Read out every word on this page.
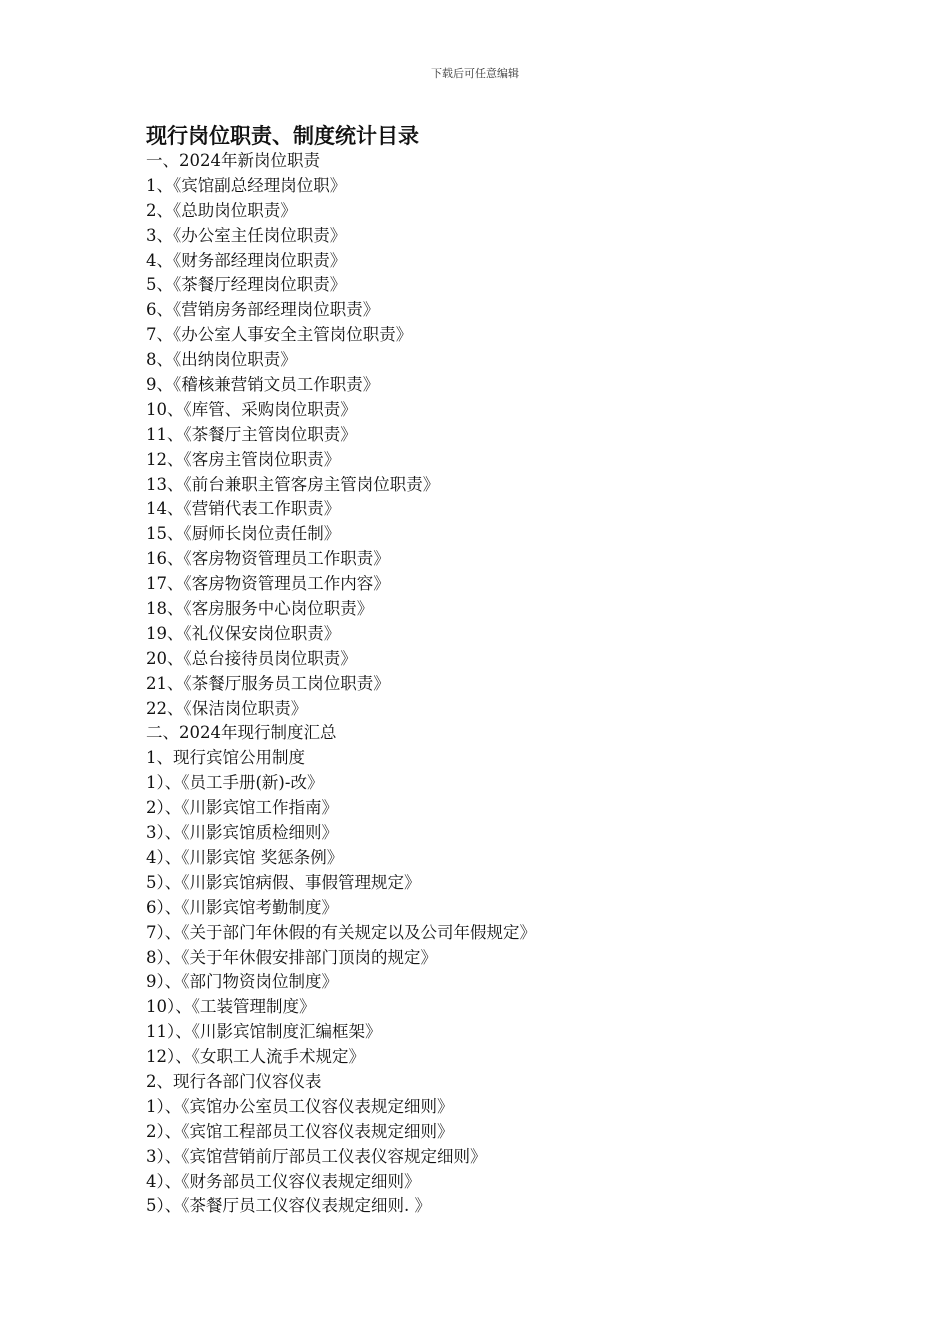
下载后可任意编辑
现行岗位职责、制度统计目录
一、2024年新岗位职责
1、《宾馆副总经理岗位职》
2、《总助岗位职责》
3、《办公室主任岗位职责》
4、《财务部经理岗位职责》
5、《茶餐厅经理岗位职责》
6、《营销房务部经理岗位职责》
7、《办公室人事安全主管岗位职责》
8、《出纳岗位职责》
9、《稽核兼营销文员工作职责》
10、《库管、采购岗位职责》
11、《茶餐厅主管岗位职责》
12、《客房主管岗位职责》
13、《前台兼职主管客房主管岗位职责》
14、《营销代表工作职责》
15、《厨师长岗位责任制》
16、《客房物资管理员工作职责》
17、《客房物资管理员工作内容》
18、《客房服务中心岗位职责》
19、《礼仪保安岗位职责》
20、《总台接待员岗位职责》
21、《茶餐厅服务员工岗位职责》
22、《保洁岗位职责》
二、2024年现行制度汇总
1、现行宾馆公用制度
1）、《员工手册(新)-改》
2）、《川影宾馆工作指南》
3）、《川影宾馆质检细则》
4）、《川影宾馆 奖惩条例》
5）、《川影宾馆病假、事假管理规定》
6）、《川影宾馆考勤制度》
7）、《关于部门年休假的有关规定以及公司年假规定》
8）、《关于年休假安排部门顶岗的规定》
9）、《部门物资岗位制度》
10）、《工装管理制度》
11）、《川影宾馆制度汇编框架》
12）、《女职工人流手术规定》
2、现行各部门仪容仪表
1）、《宾馆办公室员工仪容仪表规定细则》
2）、《宾馆工程部员工仪容仪表规定细则》
3）、《宾馆营销前厅部员工仪表仪容规定细则》
4）、《财务部员工仪容仪表规定细则》
5）、《茶餐厅员工仪容仪表规定细则. 》
